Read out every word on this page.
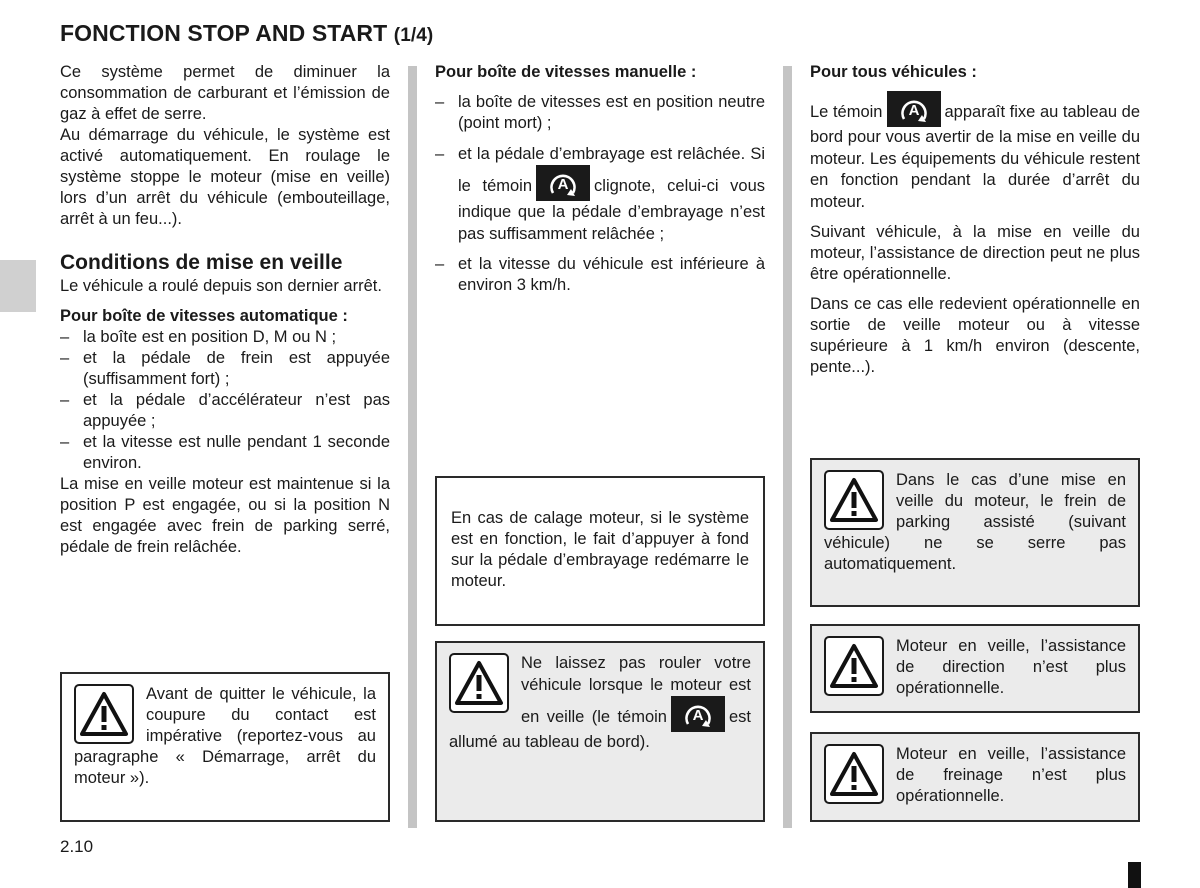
FONCTION STOP AND START (1/4)

Ce système permet de diminuer la consommation de carburant et l’émission de gaz à effet de serre.

Au démarrage du véhicule, le système est activé automatiquement. En roulage le système stoppe le moteur (mise en veille) lors d’un arrêt du véhicule (embouteillage, arrêt à un feu...).

Conditions de mise en veille

Le véhicule a roulé depuis son dernier arrêt.

Pour boîte de vitesses automatique :

– la boîte est en position D, M ou N ;
– et la pédale de frein est appuyée (suffisamment fort) ;
– et la pédale d’accélérateur n’est pas appuyée ;
– et la vitesse est nulle pendant 1 seconde environ.

La mise en veille moteur est maintenue si la position P est engagée, ou si la position N est engagée avec frein de parking serré, pédale de frein relâchée.

Avant de quitter le véhicule, la coupure du contact est impérative (reportez-vous au paragraphe « Démarrage, arrêt du moteur »).

Pour boîte de vitesses manuelle :

– la boîte de vitesses est en position neutre (point mort) ;
– et la pédale d’embrayage est relâchée. Si le témoin A clignote, celui-ci vous indique que la pédale d’embrayage n’est pas suffisamment relâchée ;
– et la vitesse du véhicule est inférieure à environ 3 km/h.

En cas de calage moteur, si le système est en fonction, le fait d’appuyer à fond sur la pédale d’embrayage redémarre le moteur.

Ne laissez pas rouler votre véhicule lorsque le moteur est en veille (le témoin A est allumé au tableau de bord).

Pour tous véhicules :

Le témoin A apparaît fixe au tableau de bord pour vous avertir de la mise en veille du moteur. Les équipements du véhicule restent en fonction pendant la durée d’arrêt du moteur.

Suivant véhicule, à la mise en veille du moteur, l’assistance de direction peut ne plus être opérationnelle.

Dans ce cas elle redevient opérationnelle en sortie de veille moteur ou à vitesse supérieure à 1 km/h environ (descente, pente...).

Dans le cas d’une mise en veille du moteur, le frein de parking assisté (suivant véhicule) ne se serre pas automatiquement.

Moteur en veille, l’assistance de direction n’est plus opérationnelle.

Moteur en veille, l’assistance de freinage n’est plus opérationnelle.

2.10
